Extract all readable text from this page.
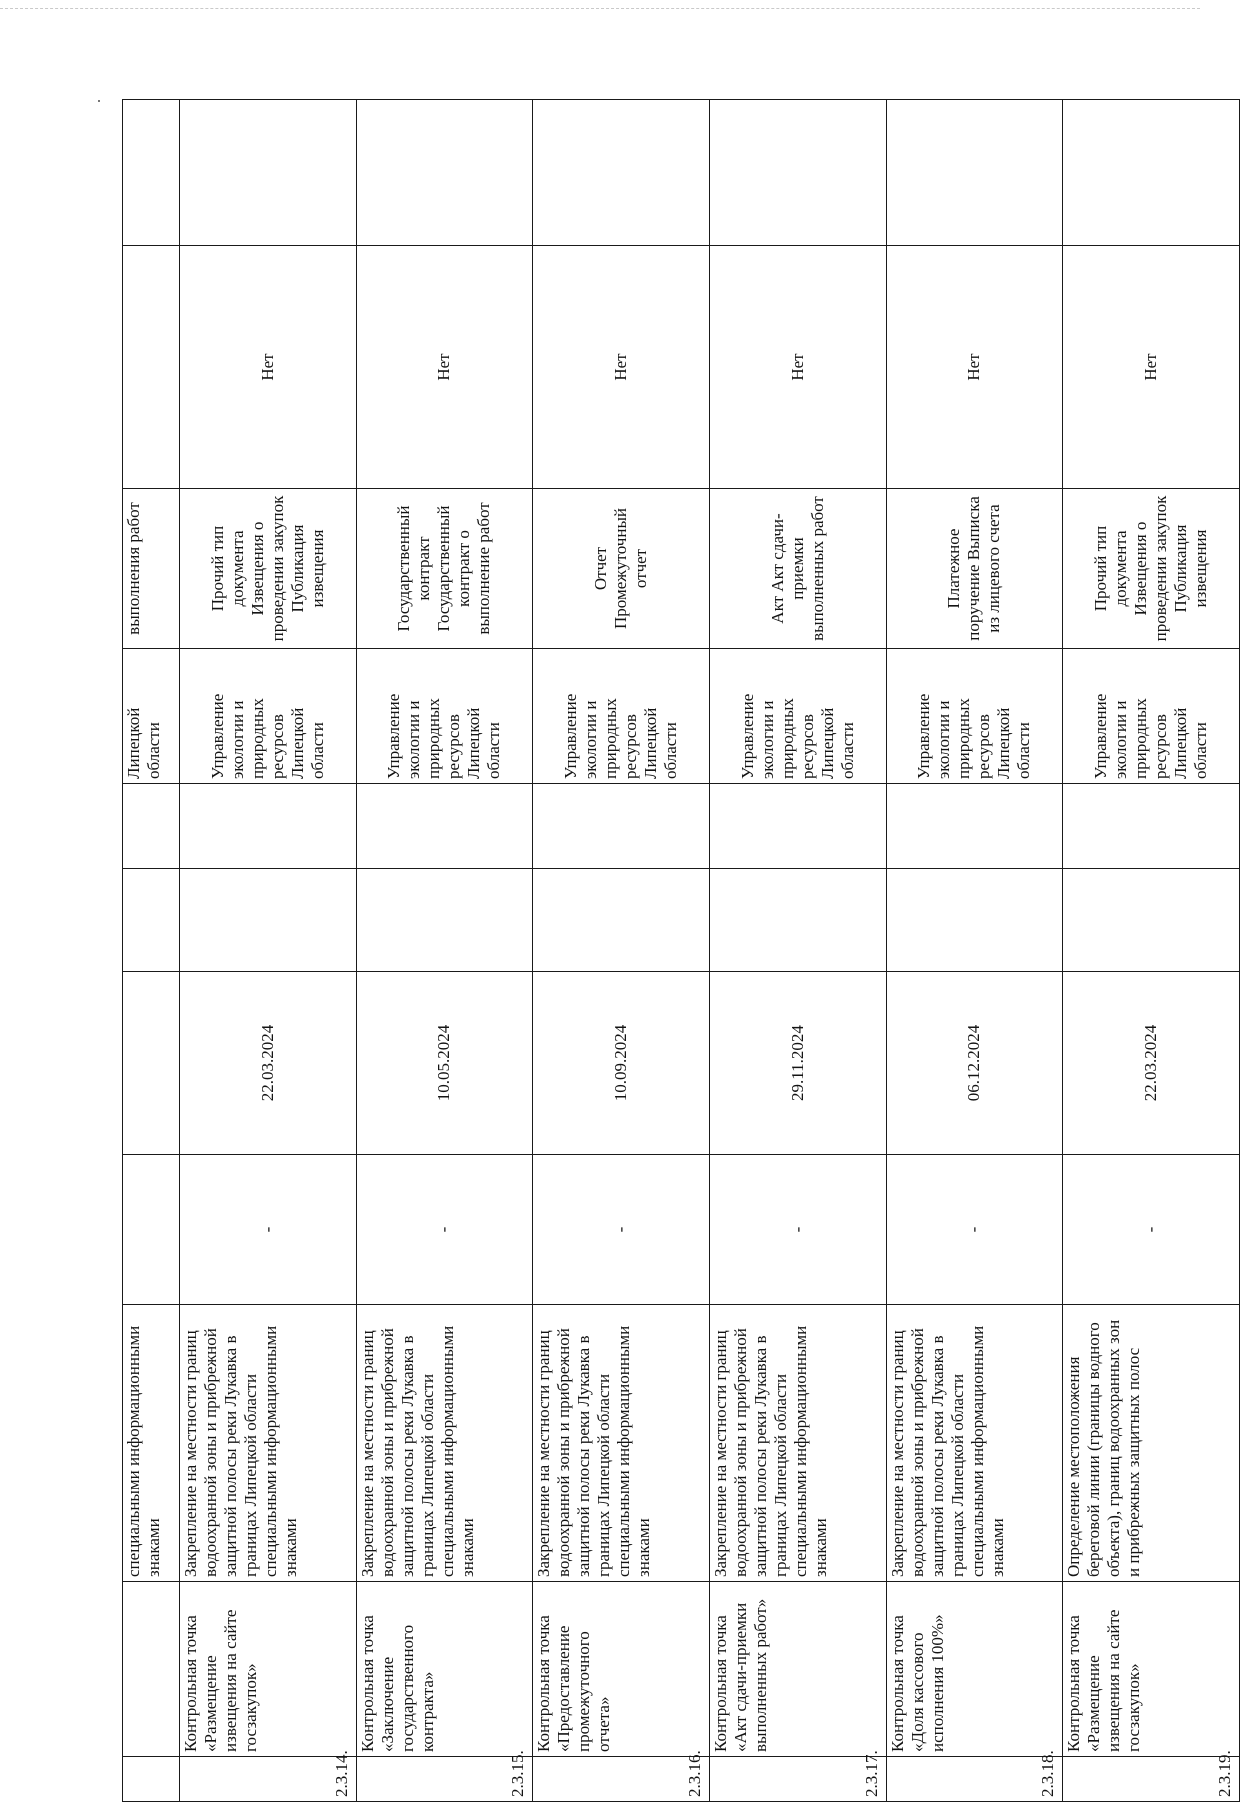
		специальными информационными знаками					Липецкой области	выполнения работ		
2.3.14.	Контрольная точка «Размещение извещения на сайте госзакупок»	Закрепление на местности границ водоохранной зоны и прибрежной защитной полосы реки Лукавка в границах Липецкой области специальными информационными знаками	-	22.03.2024			Управление экологии и природных ресурсов Липецкой области	Прочий тип документа Извещения о проведении закупок Публикация извещения	Нет	
2.3.15.	Контрольная точка «Заключение государственного контракта»	Закрепление на местности границ водоохранной зоны и прибрежной защитной полосы реки Лукавка в границах Липецкой области специальными информационными знаками	-	10.05.2024			Управление экологии и природных ресурсов Липецкой области	Государственный контракт Государственный контракт о выполнение работ	Нет	
2.3.16.	Контрольная точка «Предоставление промежуточного отчета»	Закрепление на местности границ водоохранной зоны и прибрежной защитной полосы реки Лукавка в границах Липецкой области специальными информационными знаками	-	10.09.2024			Управление экологии и природных ресурсов Липецкой области	Отчет Промежуточный отчет	Нет	
2.3.17.	Контрольная точка «Акт сдачи-приемки выполненных работ»	Закрепление на местности границ водоохранной зоны и прибрежной защитной полосы реки Лукавка в границах Липецкой области специальными информационными знаками	-	29.11.2024			Управление экологии и природных ресурсов Липецкой области	Акт Акт сдачи-приемки выполненных работ	Нет	
2.3.18.	Контрольная точка «Доля кассового исполнения 100%»	Закрепление на местности границ водоохранной зоны и прибрежной защитной полосы реки Лукавка в границах Липецкой области специальными информационными знаками	-	06.12.2024			Управление экологии и природных ресурсов Липецкой области	Платежное поручение Выписка из лицевого счета	Нет	
2.3.19.	Контрольная точка «Размещение извещения на сайте госзакупок»	Определение местоположения береговой линии (границы водного объекта), границ водоохранных зон и прибрежных защитных полос	-	22.03.2024			Управление экологии и природных ресурсов Липецкой области	Прочий тип документа Извещения о проведении закупок Публикация извещения	Нет	
